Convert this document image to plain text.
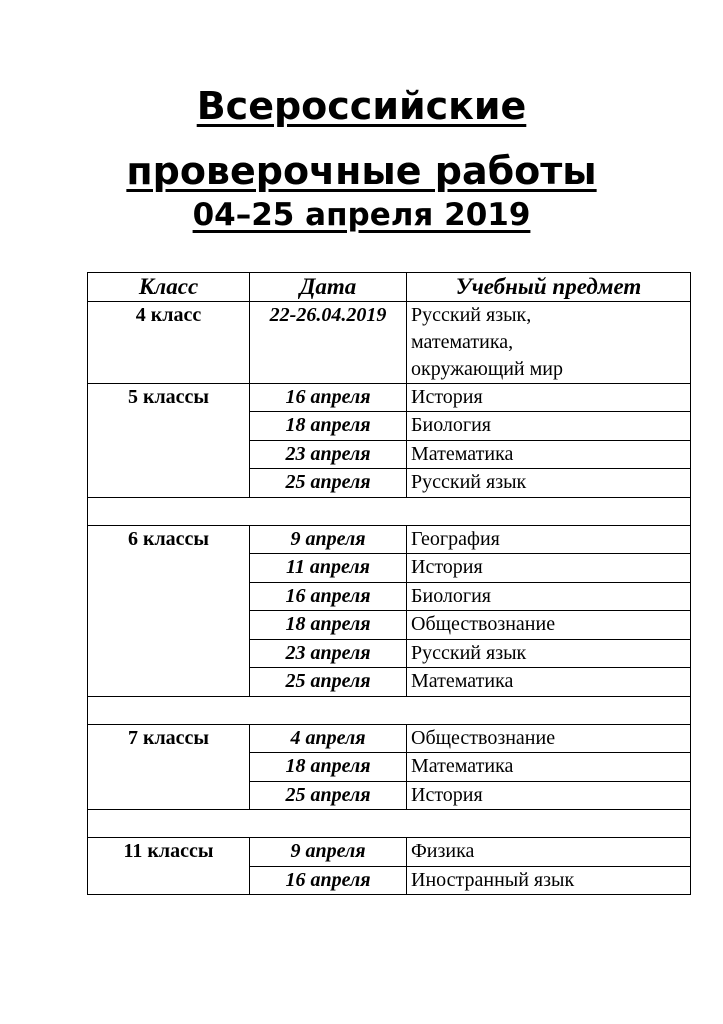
Всероссийские
проверочные работы
04–25 апреля 2019
Класс	Дата	Учебный предмет
4 класс	22-26.04.2019	Русский язык,
математика,
окружающий мир

5 классы	16 апреля	История
	18 апреля	Биология
	23 апреля	Математика
	25 апреля	Русский язык

6 классы	9 апреля	География
	11 апреля	История
	16 апреля	Биология
	18 апреля	Обществознание
	23 апреля	Русский язык
	25 апреля	Математика

7 классы	4 апреля	Обществознание
	18 апреля	Математика
	25 апреля	История

11 классы	9 апреля	Физика
	16 апреля	Иностранный язык
